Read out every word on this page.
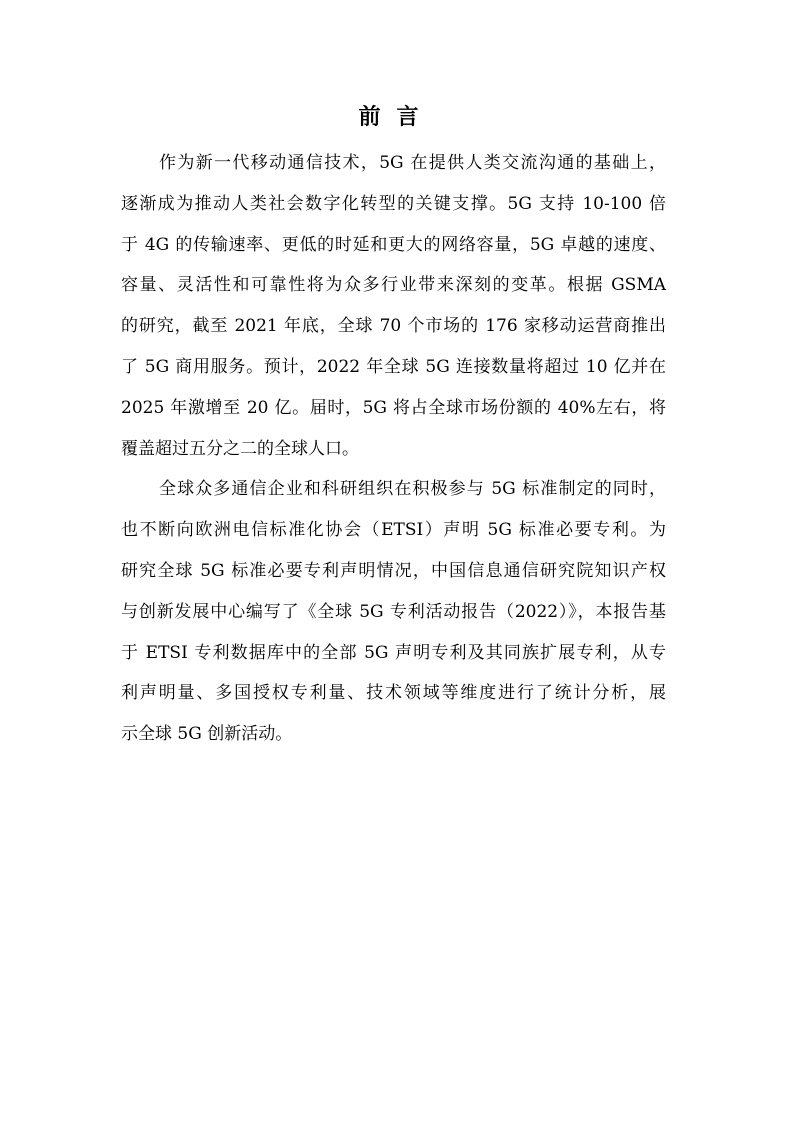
前言
作为新一代移动通信技术，5G 在提供人类交流沟通的基础上，
逐渐成为推动人类社会数字化转型的关键支撑。5G 支持 10-100 倍
于 4G 的传输速率、更低的时延和更大的网络容量，5G 卓越的速度、
容量、灵活性和可靠性将为众多行业带来深刻的变革。根据 GSMA
的研究，截至 2021 年底，全球 70 个市场的 176 家移动运营商推出
了 5G 商用服务。预计，2022 年全球 5G 连接数量将超过 10 亿并在
2025 年激增至 20 亿。届时，5G 将占全球市场份额的 40%左右，将
覆盖超过五分之二的全球人口。
全球众多通信企业和科研组织在积极参与 5G 标准制定的同时，
也不断向欧洲电信标准化协会（ETSI）声明 5G 标准必要专利。为
研究全球 5G 标准必要专利声明情况，中国信息通信研究院知识产权
与创新发展中心编写了《全球 5G 专利活动报告（2022）》，本报告基
于 ETSI 专利数据库中的全部 5G 声明专利及其同族扩展专利，从专
利声明量、多国授权专利量、技术领域等维度进行了统计分析，展
示全球 5G 创新活动。
